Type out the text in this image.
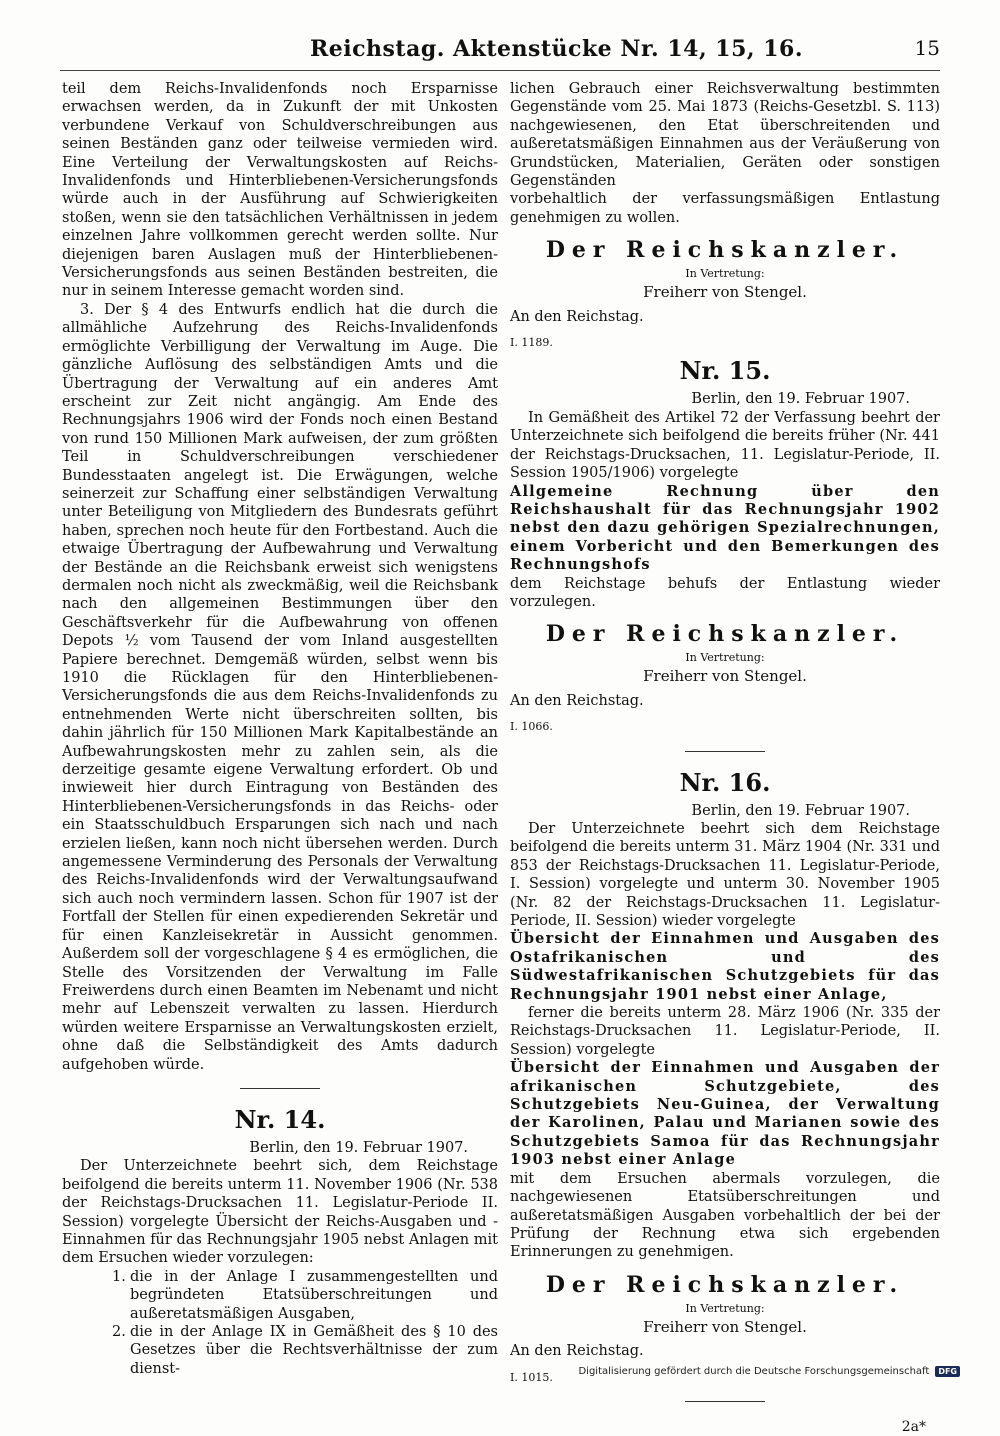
Reichstag. Aktenstücke Nr. 14, 15, 16.	15

teil dem Reichs-Invalidenfonds noch Ersparnisse erwachsen werden, da in Zukunft der mit Unkosten verbundene Verkauf von Schuldverschreibungen aus seinen Beständen ganz oder teilweise vermieden wird. Eine Verteilung der Verwaltungskosten auf Reichs-Invalidenfonds und Hinterbliebenen-Versicherungsfonds würde auch in der Ausführung auf Schwierigkeiten stoßen, wenn sie den tatsächlichen Verhältnissen in jedem einzelnen Jahre vollkommen gerecht werden sollte. Nur diejenigen baren Auslagen muß der Hinterbliebenen-Versicherungsfonds aus seinen Beständen bestreiten, die nur in seinem Interesse gemacht worden sind.

3. Der § 4 des Entwurfs endlich hat die durch die allmähliche Aufzehrung des Reichs-Invalidenfonds ermöglichte Verbilligung der Verwaltung im Auge. Die gänzliche Auflösung des selbständigen Amts und die Übertragung der Verwaltung auf ein anderes Amt erscheint zur Zeit nicht angängig. Am Ende des Rechnungsjahrs 1906 wird der Fonds noch einen Bestand von rund 150 Millionen Mark aufweisen, der zum größten Teil in Schuldverschreibungen verschiedener Bundesstaaten angelegt ist. Die Erwägungen, welche seinerzeit zur Schaffung einer selbständigen Verwaltung unter Beteiligung von Mitgliedern des Bundesrats geführt haben, sprechen noch heute für den Fortbestand. Auch die etwaige Übertragung der Aufbewahrung und Verwaltung der Bestände an die Reichsbank erweist sich wenigstens dermalen noch nicht als zweckmäßig, weil die Reichsbank nach den allgemeinen Bestimmungen über den Geschäftsverkehr für die Aufbewahrung von offenen Depots ½ vom Tausend der vom Inland ausgestellten Papiere berechnet. Demgemäß würden, selbst wenn bis 1910 die Rücklagen für den Hinterbliebenen-Versicherungsfonds die aus dem Reichs-Invalidenfonds zu entnehmenden Werte nicht überschreiten sollten, bis dahin jährlich für 150 Millionen Mark Kapitalbestände an Aufbewahrungskosten mehr zu zahlen sein, als die derzeitige gesamte eigene Verwaltung erfordert. Ob und inwieweit hier durch Eintragung von Beständen des Hinterbliebenen-Versicherungsfonds in das Reichs- oder ein Staatsschuldbuch Ersparungen sich nach und nach erzielen ließen, kann noch nicht übersehen werden. Durch angemessene Verminderung des Personals der Verwaltung des Reichs-Invalidenfonds wird der Verwaltungsaufwand sich auch noch vermindern lassen. Schon für 1907 ist der Fortfall der Stellen für einen expedierenden Sekretär und für einen Kanzleisekretär in Aussicht genommen. Außerdem soll der vorgeschlagene § 4 es ermöglichen, die Stelle des Vorsitzenden der Verwaltung im Falle Freiwerdens durch einen Beamten im Nebenamt und nicht mehr auf Lebenszeit verwalten zu lassen. Hierdurch würden weitere Ersparnisse an Verwaltungskosten erzielt, ohne daß die Selbständigkeit des Amts dadurch aufgehoben würde.

Nr. 14.

Berlin, den 19. Februar 1907.

Der Unterzeichnete beehrt sich, dem Reichstage beifolgend die bereits unterm 11. November 1906 (Nr. 538 der Reichstags-Drucksachen 11. Legislatur-Periode II. Session) vorgelegte Übersicht der Reichs-Ausgaben und -Einnahmen für das Rechnungsjahr 1905 nebst Anlagen mit dem Ersuchen wieder vorzulegen:

1. die in der Anlage I zusammengestellten und begründeten Etatsüberschreitungen und außeretatsmäßigen Ausgaben,
2. die in der Anlage IX in Gemäßheit des § 10 des Gesetzes über die Rechtsverhältnisse der zum dienst-

lichen Gebrauch einer Reichsverwaltung bestimmten Gegenstände vom 25. Mai 1873 (Reichs-Gesetzbl. S. 113) nachgewiesenen, den Etat überschreitenden und außeretatsmäßigen Einnahmen aus der Veräußerung von Grundstücken, Materialien, Geräten oder sonstigen Gegenständen

vorbehaltlich der verfassungsmäßigen Entlastung genehmigen zu wollen.

Der Reichskanzler.
In Vertretung:
Freiherr von Stengel.
An den Reichstag.
I. 1189.
Nr. 15.

Berlin, den 19. Februar 1907.

In Gemäßheit des Artikel 72 der Verfassung beehrt der Unterzeichnete sich beifolgend die bereits früher (Nr. 441 der Reichstags-Drucksachen, 11. Legislatur-Periode, II. Session 1905/1906) vorgelegte

Allgemeine Rechnung über den Reichshaushalt für das Rechnungsjahr 1902 nebst den dazu gehörigen Spezialrechnungen, einem Vorbericht und den Bemerkungen des Rechnungshofs

dem Reichstage behufs der Entlastung wieder vorzulegen.

Der Reichskanzler.
In Vertretung:
Freiherr von Stengel.
An den Reichstag.
I. 1066.
Nr. 16.

Berlin, den 19. Februar 1907.

Der Unterzeichnete beehrt sich dem Reichstage beifolgend die bereits unterm 31. März 1904 (Nr. 331 und 853 der Reichstags-Drucksachen 11. Legislatur-Periode, I. Session) vorgelegte und unterm 30. November 1905 (Nr. 82 der Reichstags-Drucksachen 11. Legislatur-Periode, II. Session) wieder vorgelegte

Übersicht der Einnahmen und Ausgaben des Ostafrikanischen und des Südwestafrikanischen Schutzgebiets für das Rechnungsjahr 1901 nebst einer Anlage,

ferner die bereits unterm 28. März 1906 (Nr. 335 der Reichstags-Drucksachen 11. Legislatur-Periode, II. Session) vorgelegte

Übersicht der Einnahmen und Ausgaben der afrikanischen Schutzgebiete, des Schutzgebiets Neu-Guinea, der Verwaltung der Karolinen, Palau und Marianen sowie des Schutzgebiets Samoa für das Rechnungsjahr 1903 nebst einer Anlage

mit dem Ersuchen abermals vorzulegen, die nachgewiesenen Etatsüberschreitungen und außeretatsmäßigen Ausgaben vorbehaltlich der bei der Prüfung der Rechnung etwa sich ergebenden Erinnerungen zu genehmigen.

Der Reichskanzler.
In Vertretung:
Freiherr von Stengel.
An den Reichstag.
I. 1015.
2a*
Digitalisierung gefördert durch die Deutsche Forschungsgemeinschaft	DFG
